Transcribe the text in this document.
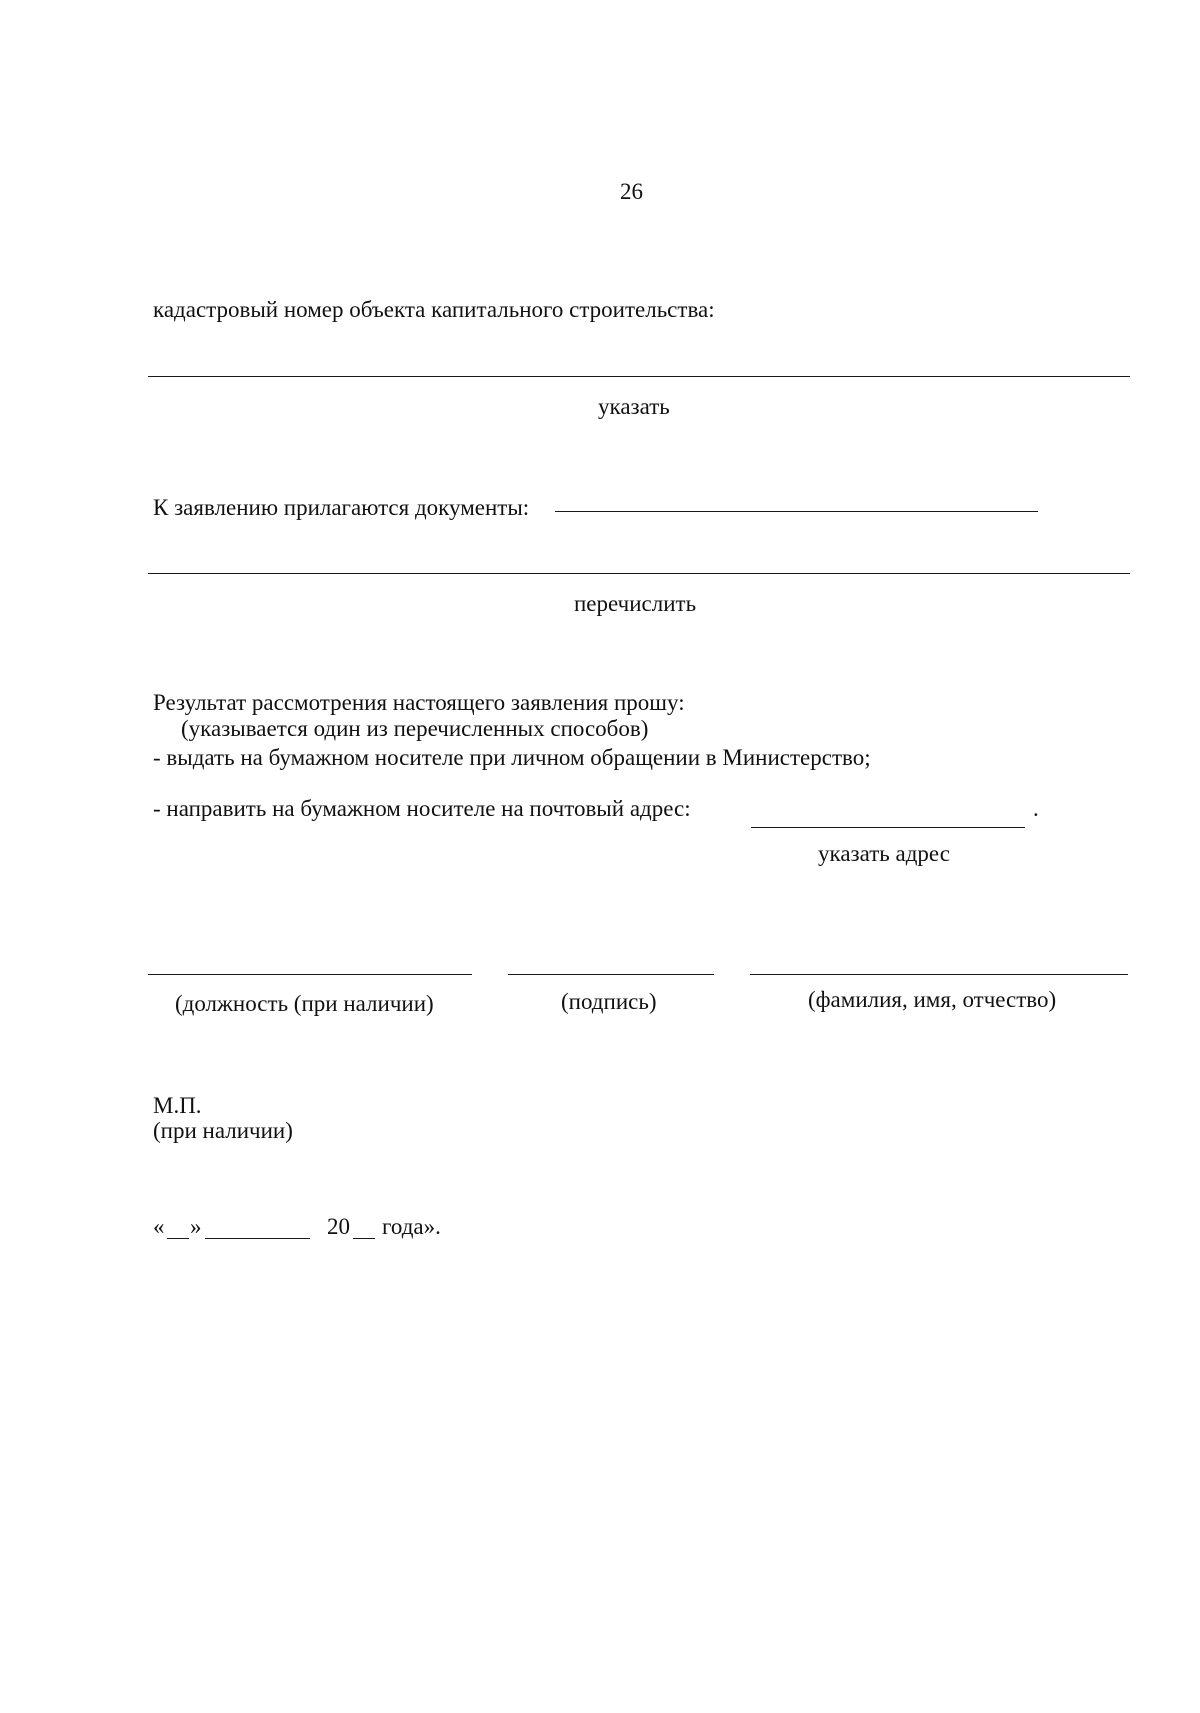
26
кадастровый номер объекта капитального строительства:
указать
К заявлению прилагаются документы:
перечислить
Результат рассмотрения настоящего заявления прошу:
(указывается один из перечисленных способов)
- выдать на бумажном носителе при личном обращении в Министерство;
- направить на бумажном носителе на почтовый адрес:	.
указать адрес
(должность (при наличии)	(подпись)	(фамилия, имя, отчество)
М.П.
(при наличии)
« »	20 года».
